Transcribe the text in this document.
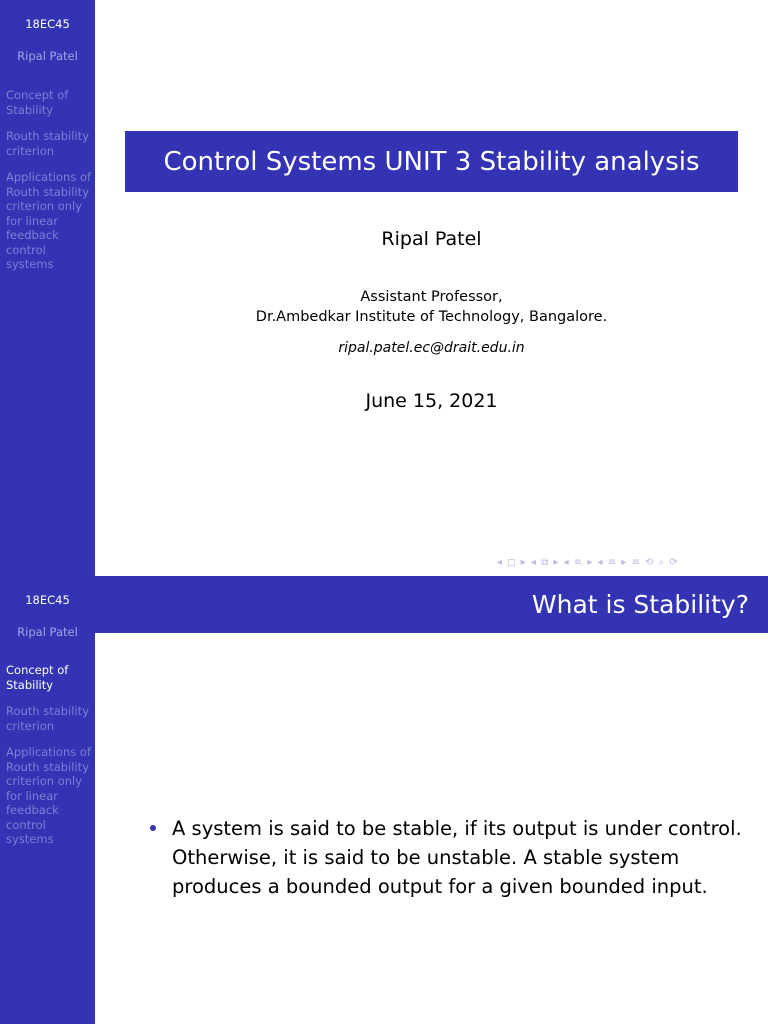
18EC45
Ripal Patel
Concept of Stability
Routh stability criterion
Applications of Routh stability criterion only for linear feedback control systems
Control Systems UNIT 3 Stability analysis
Ripal Patel
Assistant Professor,
Dr.Ambedkar Institute of Technology, Bangalore.
ripal.patel.ec@drait.edu.in
June 15, 2021
◂ ◻ ▸ ◂ ⧉ ▸ ◂ ≡ ▸ ◂ ≡ ▸ ≡ ⟲ ⌕ ⟳
18EC45
Ripal Patel
Concept of Stability
Routh stability criterion
Applications of Routh stability criterion only for linear feedback control systems
What is Stability?
A system is said to be stable, if its output is under control. Otherwise, it is said to be unstable. A stable system produces a bounded output for a given bounded input.
